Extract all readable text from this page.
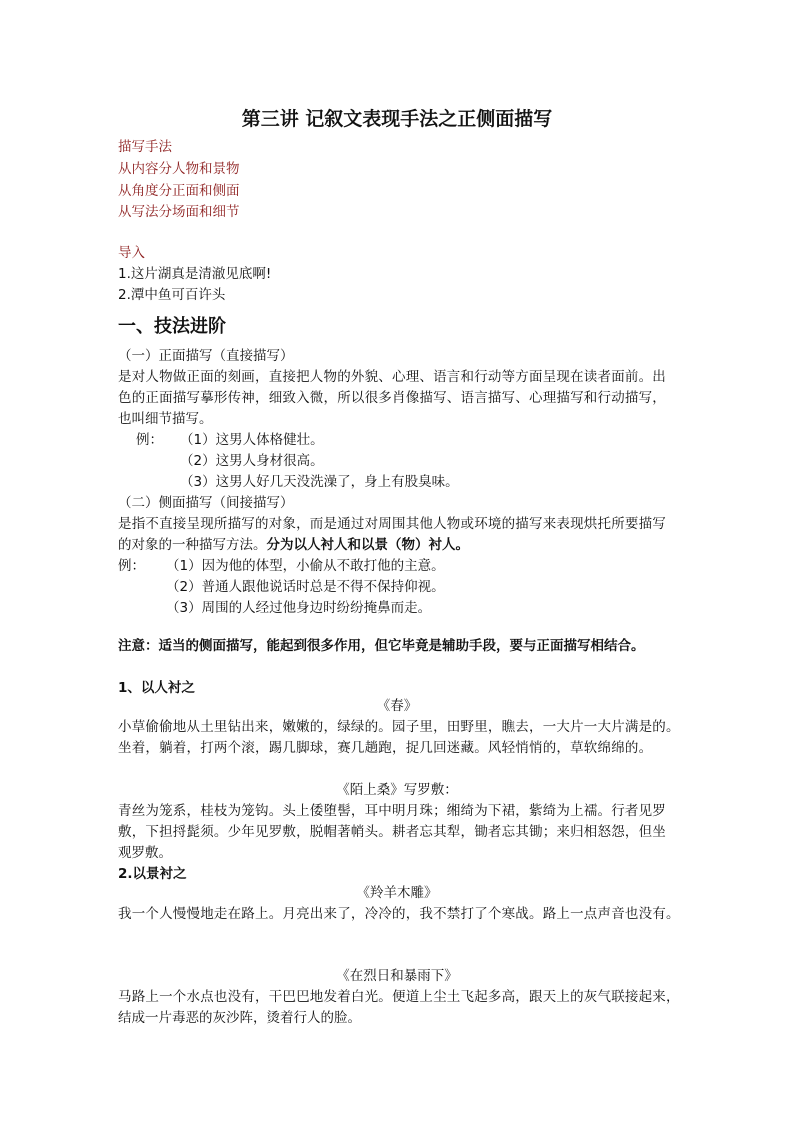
第三讲 记叙文表现手法之正侧面描写
描写手法
从内容分人物和景物
从角度分正面和侧面
从写法分场面和细节
导入
1.这片湖真是清澈见底啊!
2.潭中鱼可百许头
一、技法进阶
（一）正面描写（直接描写）
是对人物做正面的刻画，直接把人物的外貌、心理、语言和行动等方面呈现在读者面前。出
色的正面描写摹形传神，细致入微，所以很多肖像描写、语言描写、心理描写和行动描写，
也叫细节描写。
例： （1）这男人体格健壮。
（2）这男人身材很高。
（3）这男人好几天没洗澡了，身上有股臭味。
（二）侧面描写（间接描写）
是指不直接呈现所描写的对象，而是通过对周围其他人物或环境的描写来表现烘托所要描写
的对象的一种描写方法。分为以人衬人和以景（物）衬人。
例： （1）因为他的体型，小偷从不敢打他的主意。
（2）普通人跟他说话时总是不得不保持仰视。
（3）周围的人经过他身边时纷纷掩鼻而走。
注意：适当的侧面描写，能起到很多作用，但它毕竟是辅助手段，要与正面描写相结合。
1、以人衬之
《春》
小草偷偷地从土里钻出来，嫩嫩的，绿绿的。园子里，田野里，瞧去，一大片一大片满是的。
坐着，躺着，打两个滚，踢几脚球，赛几趟跑，捉几回迷藏。风轻悄悄的，草软绵绵的。
《陌上桑》写罗敷：
青丝为笼系，桂枝为笼钩。头上倭堕髻，耳中明月珠；缃绮为下裙，紫绮为上襦。行者见罗
敷，下担捋髭须。少年见罗敷，脱帽著帩头。耕者忘其犁，锄者忘其锄；来归相怒怨，但坐
观罗敷。
2.以景衬之
《羚羊木雕》
我一个人慢慢地走在路上。月亮出来了，冷冷的，我不禁打了个寒战。路上一点声音也没有。
《在烈日和暴雨下》
马路上一个水点也没有，干巴巴地发着白光。便道上尘土飞起多高，跟天上的灰气联接起来，
结成一片毒恶的灰沙阵，烫着行人的脸。
